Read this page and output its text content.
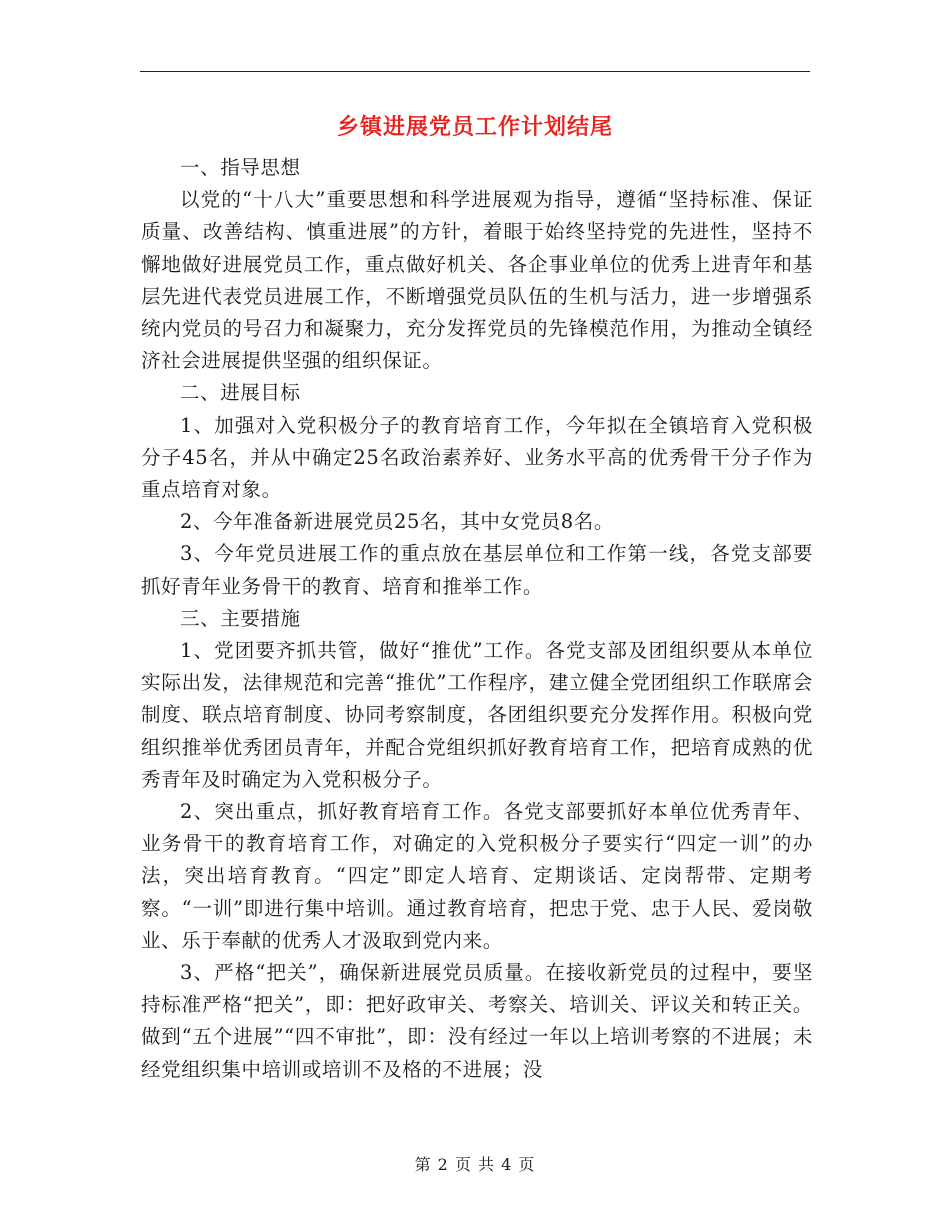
乡镇进展党员工作计划结尾

一、指导思想

以党的“十八大”重要思想和科学进展观为指导，遵循“坚持标准、保证质量、改善结构、慎重进展”的方针，着眼于始终坚持党的先进性，坚持不懈地做好进展党员工作，重点做好机关、各企事业单位的优秀上进青年和基层先进代表党员进展工作，不断增强党员队伍的生机与活力，进一步增强系统内党员的号召力和凝聚力，充分发挥党员的先锋模范作用，为推动全镇经济社会进展提供坚强的组织保证。

二、进展目标

1、加强对入党积极分子的教育培育工作，今年拟在全镇培育入党积极分子45名，并从中确定25名政治素养好、业务水平高的优秀骨干分子作为重点培育对象。

2、今年准备新进展党员25名，其中女党员8名。

3、今年党员进展工作的重点放在基层单位和工作第一线，各党支部要抓好青年业务骨干的教育、培育和推举工作。

三、主要措施

1、党团要齐抓共管，做好“推优”工作。各党支部及团组织要从本单位实际出发，法律规范和完善“推优”工作程序，建立健全党团组织工作联席会制度、联点培育制度、协同考察制度，各团组织要充分发挥作用。积极向党组织推举优秀团员青年，并配合党组织抓好教育培育工作，把培育成熟的优秀青年及时确定为入党积极分子。

2、突出重点，抓好教育培育工作。各党支部要抓好本单位优秀青年、业务骨干的教育培育工作，对确定的入党积极分子要实行“四定一训”的办法，突出培育教育。“四定”即定人培育、定期谈话、定岗帮带、定期考察。“一训”即进行集中培训。通过教育培育，把忠于党、忠于人民、爱岗敬业、乐于奉献的优秀人才汲取到党内来。

3、严格“把关”，确保新进展党员质量。在接收新党员的过程中，要坚持标准严格“把关”，即：把好政审关、考察关、培训关、评议关和转正关。做到“五个进展”“四不审批”，即：没有经过一年以上培训考察的不进展；未经党组织集中培训或培训不及格的不进展；没

第 2 页 共 4 页
